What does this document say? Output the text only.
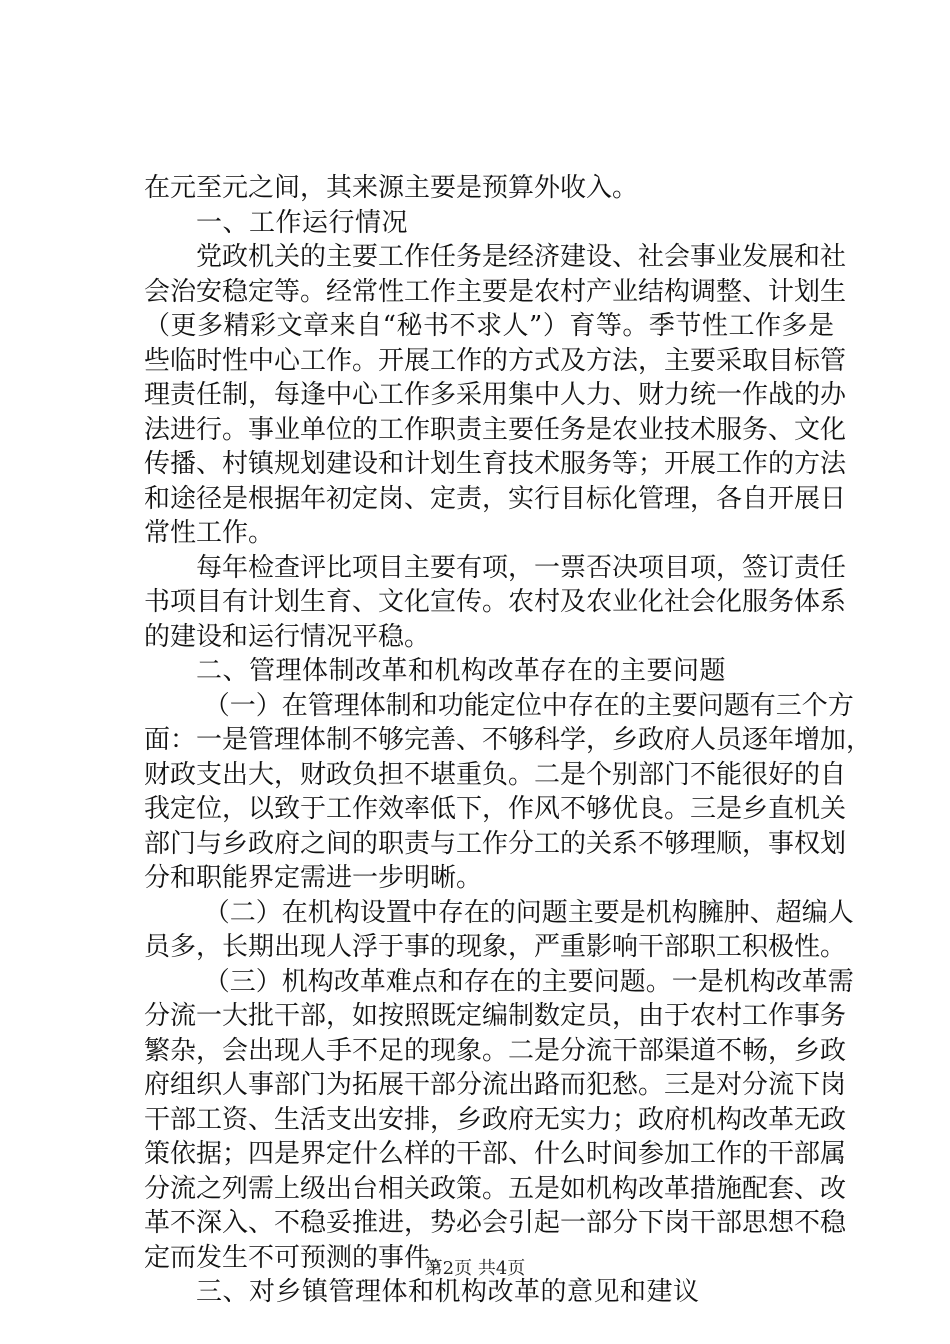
在元至元之间，其来源主要是预算外收入。
一、工作运行情况
党政机关的主要工作任务是经济建设、社会事业发展和社
会治安稳定等。经常性工作主要是农村产业结构调整、计划生
（更多精彩文章来自“秘书不求人”）育等。季节性工作多是
些临时性中心工作。开展工作的方式及方法，主要采取目标管
理责任制，每逢中心工作多采用集中人力、财力统一作战的办
法进行。事业单位的工作职责主要任务是农业技术服务、文化
传播、村镇规划建设和计划生育技术服务等；开展工作的方法
和途径是根据年初定岗、定责，实行目标化管理，各自开展日
常性工作。
每年检查评比项目主要有项，一票否决项目项，签订责任
书项目有计划生育、文化宣传。农村及农业化社会化服务体系
的建设和运行情况平稳。
二、管理体制改革和机构改革存在的主要问题
（一）在管理体制和功能定位中存在的主要问题有三个方
面：一是管理体制不够完善、不够科学，乡政府人员逐年增加，
财政支出大，财政负担不堪重负。二是个别部门不能很好的自
我定位，以致于工作效率低下，作风不够优良。三是乡直机关
部门与乡政府之间的职责与工作分工的关系不够理顺，事权划
分和职能界定需进一步明晰。
（二）在机构设置中存在的问题主要是机构臃肿、超编人
员多，长期出现人浮于事的现象，严重影响干部职工积极性。
（三）机构改革难点和存在的主要问题。一是机构改革需
分流一大批干部，如按照既定编制数定员，由于农村工作事务
繁杂，会出现人手不足的现象。二是分流干部渠道不畅，乡政
府组织人事部门为拓展干部分流出路而犯愁。三是对分流下岗
干部工资、生活支出安排，乡政府无实力；政府机构改革无政
策依据；四是界定什么样的干部、什么时间参加工作的干部属
分流之列需上级出台相关政策。五是如机构改革措施配套、改
革不深入、不稳妥推进，势必会引起一部分下岗干部思想不稳
定而发生不可预测的事件。
三、对乡镇管理体和机构改革的意见和建议
第2页 共4页
